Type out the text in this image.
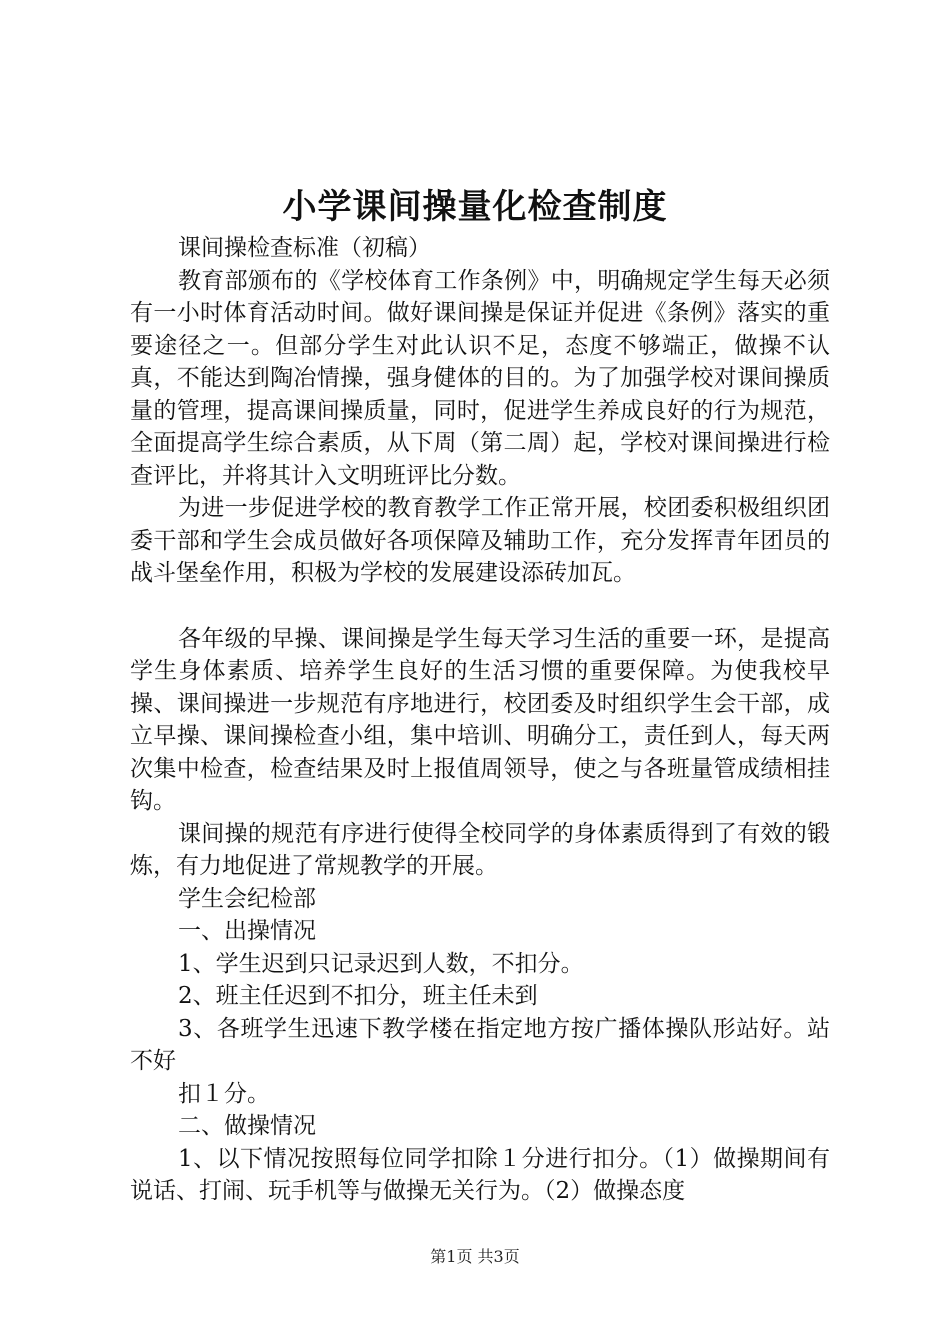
小学课间操量化检查制度

课间操检查标准（初稿）

教育部颁布的《学校体育工作条例》中，明确规定学生每天必须有一小时体育活动时间。做好课间操是保证并促进《条例》落实的重要途径之一。但部分学生对此认识不足，态度不够端正，做操不认真，不能达到陶冶情操，强身健体的目的。为了加强学校对课间操质量的管理，提高课间操质量，同时，促进学生养成良好的行为规范，全面提高学生综合素质，从下周（第二周）起，学校对课间操进行检查评比，并将其计入文明班评比分数。

为进一步促进学校的教育教学工作正常开展，校团委积极组织团委干部和学生会成员做好各项保障及辅助工作，充分发挥青年团员的战斗堡垒作用，积极为学校的发展建设添砖加瓦。

各年级的早操、课间操是学生每天学习生活的重要一环，是提高学生身体素质、培养学生良好的生活习惯的重要保障。为使我校早操、课间操进一步规范有序地进行，校团委及时组织学生会干部，成立早操、课间操检查小组，集中培训、明确分工，责任到人，每天两次集中检查，检查结果及时上报值周领导，使之与各班量管成绩相挂钩。

课间操的规范有序进行使得全校同学的身体素质得到了有效的锻炼，有力地促进了常规教学的开展。

学生会纪检部

一、出操情况

1、学生迟到只记录迟到人数，不扣分。

2、班主任迟到不扣分，班主任未到

3、各班学生迅速下教学楼在指定地方按广播体操队形站好。站不好

扣１分。

二、做操情况

1、以下情况按照每位同学扣除１分进行扣分。（1）做操期间有说话、打闹、玩手机等与做操无关行为。（2）做操态度

第1页 共3页
